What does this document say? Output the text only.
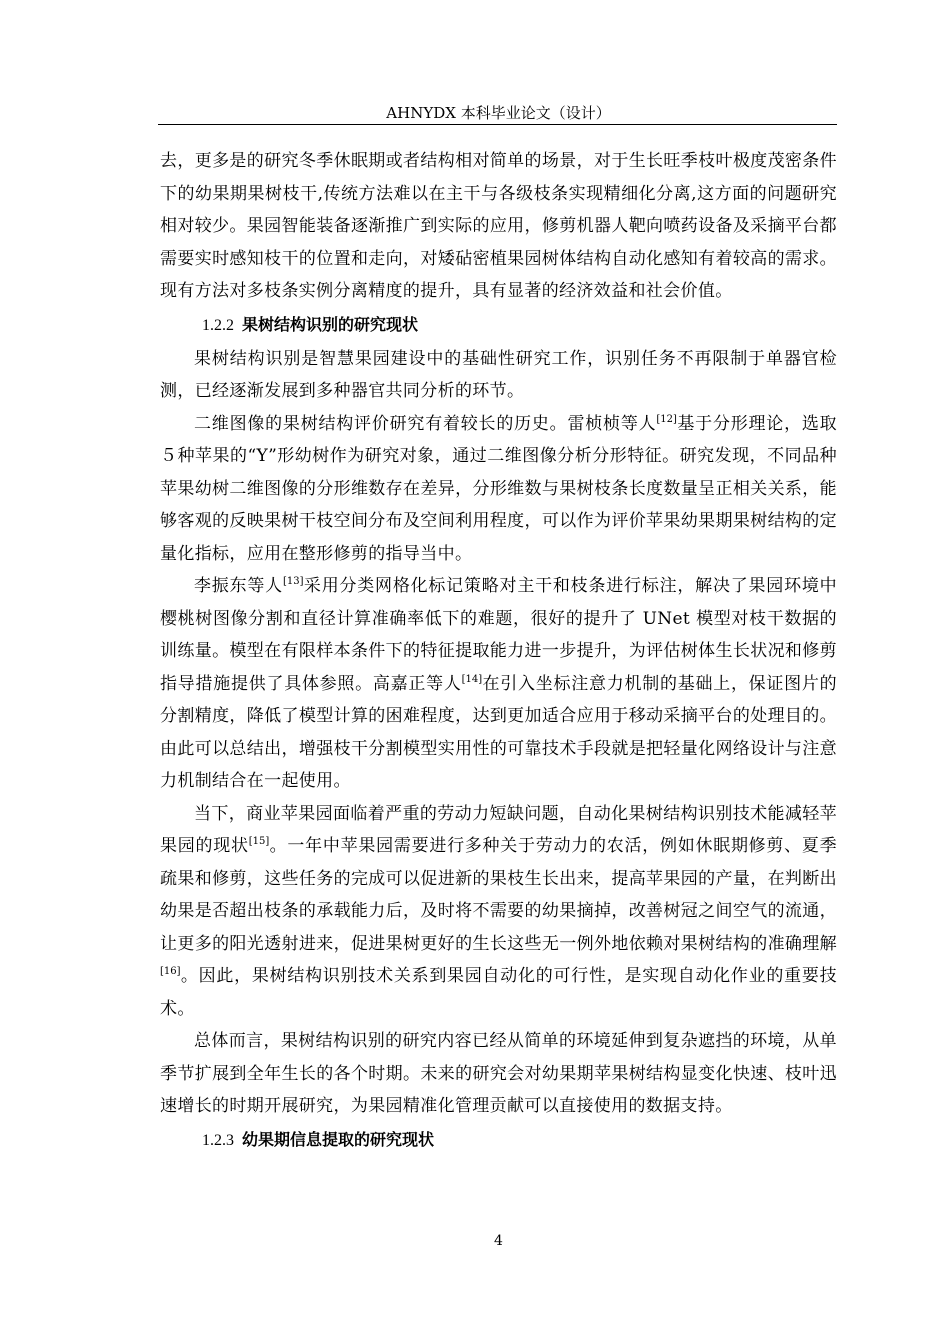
AHNYDX 本科毕业论文（设计）

去，更多是的研究冬季休眠期或者结构相对简单的场景，对于生长旺季枝叶极度茂密条件下的幼果期果树枝干,传统方法难以在主干与各级枝条实现精细化分离,这方面的问题研究相对较少。果园智能装备逐渐推广到实际的应用，修剪机器人靶向喷药设备及采摘平台都需要实时感知枝干的位置和走向，对矮砧密植果园树体结构自动化感知有着较高的需求。现有方法对多枝条实例分离精度的提升，具有显著的经济效益和社会价值。

1.2.2 果树结构识别的研究现状

果树结构识别是智慧果园建设中的基础性研究工作，识别任务不再限制于单器官检测，已经逐渐发展到多种器官共同分析的环节。

二维图像的果树结构评价研究有着较长的历史。雷桢桢等人[12]基于分形理论，选取５种苹果的“Y”形幼树作为研究对象，通过二维图像分析分形特征。研究发现，不同品种苹果幼树二维图像的分形维数存在差异，分形维数与果树枝条长度数量呈正相关关系，能够客观的反映果树干枝空间分布及空间利用程度，可以作为评价苹果幼果期果树结构的定量化指标，应用在整形修剪的指导当中。

李振东等人[13]采用分类网格化标记策略对主干和枝条进行标注，解决了果园环境中樱桃树图像分割和直径计算准确率低下的难题，很好的提升了 UNet 模型对枝干数据的训练量。模型在有限样本条件下的特征提取能力进一步提升，为评估树体生长状况和修剪指导措施提供了具体参照。高嘉正等人[14]在引入坐标注意力机制的基础上，保证图片的分割精度，降低了模型计算的困难程度，达到更加适合应用于移动采摘平台的处理目的。由此可以总结出，增强枝干分割模型实用性的可靠技术手段就是把轻量化网络设计与注意力机制结合在一起使用。

当下，商业苹果园面临着严重的劳动力短缺问题，自动化果树结构识别技术能减轻苹果园的现状[15]。一年中苹果园需要进行多种关于劳动力的农活，例如休眠期修剪、夏季疏果和修剪，这些任务的完成可以促进新的果枝生长出来，提高苹果园的产量，在判断出幼果是否超出枝条的承载能力后，及时将不需要的幼果摘掉，改善树冠之间空气的流通，让更多的阳光透射进来，促进果树更好的生长这些无一例外地依赖对果树结构的准确理解[16]。因此，果树结构识别技术关系到果园自动化的可行性，是实现自动化作业的重要技术。

总体而言，果树结构识别的研究内容已经从简单的环境延伸到复杂遮挡的环境，从单季节扩展到全年生长的各个时期。未来的研究会对幼果期苹果树结构显变化快速、枝叶迅速增长的时期开展研究，为果园精准化管理贡献可以直接使用的数据支持。

1.2.3 幼果期信息提取的研究现状
4
